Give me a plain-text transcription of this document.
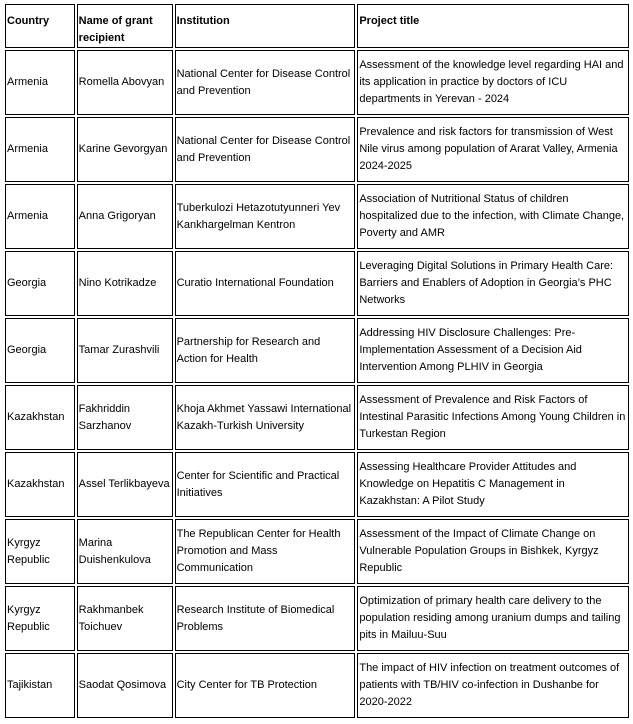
Country	Name of grant recipient	Institution	Project title
Armenia	Romella Abovyan	National Center for Disease Control and Prevention	Assessment of the knowledge level regarding HAI and its application in practice by doctors of ICU departments in Yerevan - 2024
Armenia	Karine Gevorgyan	National Center for Disease Control and Prevention	Prevalence and risk factors for transmission of West Nile virus among population of Ararat Valley, Armenia 2024-2025
Armenia	Anna Grigoryan	Tuberkulozi Hetazotutyunneri Yev Kankhargelman Kentron	Association of Nutritional Status of children hospitalized due to the infection, with Climate Change, Poverty and AMR
Georgia	Nino Kotrikadze	Curatio International Foundation	Leveraging Digital Solutions in Primary Health Care: Barriers and Enablers of Adoption in Georgia’s PHC Networks
Georgia	Tamar Zurashvili	Partnership for Research and Action for Health	Addressing HIV Disclosure Challenges: Pre-Implementation Assessment of a Decision Aid Intervention Among PLHIV in Georgia
Kazakhstan	Fakhriddin Sarzhanov	Khoja Akhmet Yassawi International Kazakh-Turkish University	Assessment of Prevalence and Risk Factors of Intestinal Parasitic Infections Among Young Children in Turkestan Region
Kazakhstan	Assel Terlikbayeva	Center for Scientific and Practical Initiatives	Assessing Healthcare Provider Attitudes and Knowledge on Hepatitis C Management in Kazakhstan: A Pilot Study
Kyrgyz Republic	Marina Duishenkulova	The Republican Center for Health Promotion and Mass Communication	Assessment of the Impact of Climate Change on Vulnerable Population Groups in Bishkek, Kyrgyz Republic
Kyrgyz Republic	Rakhmanbek Toichuev	Research Institute of Biomedical Problems	Optimization of primary health care delivery to the population residing among uranium dumps and tailing pits in Mailuu-Suu
Tajikistan	Saodat Qosimova	City Center for TB Protection	The impact of HIV infection on treatment outcomes of patients with TB/HIV co-infection in Dushanbe for 2020-2022
